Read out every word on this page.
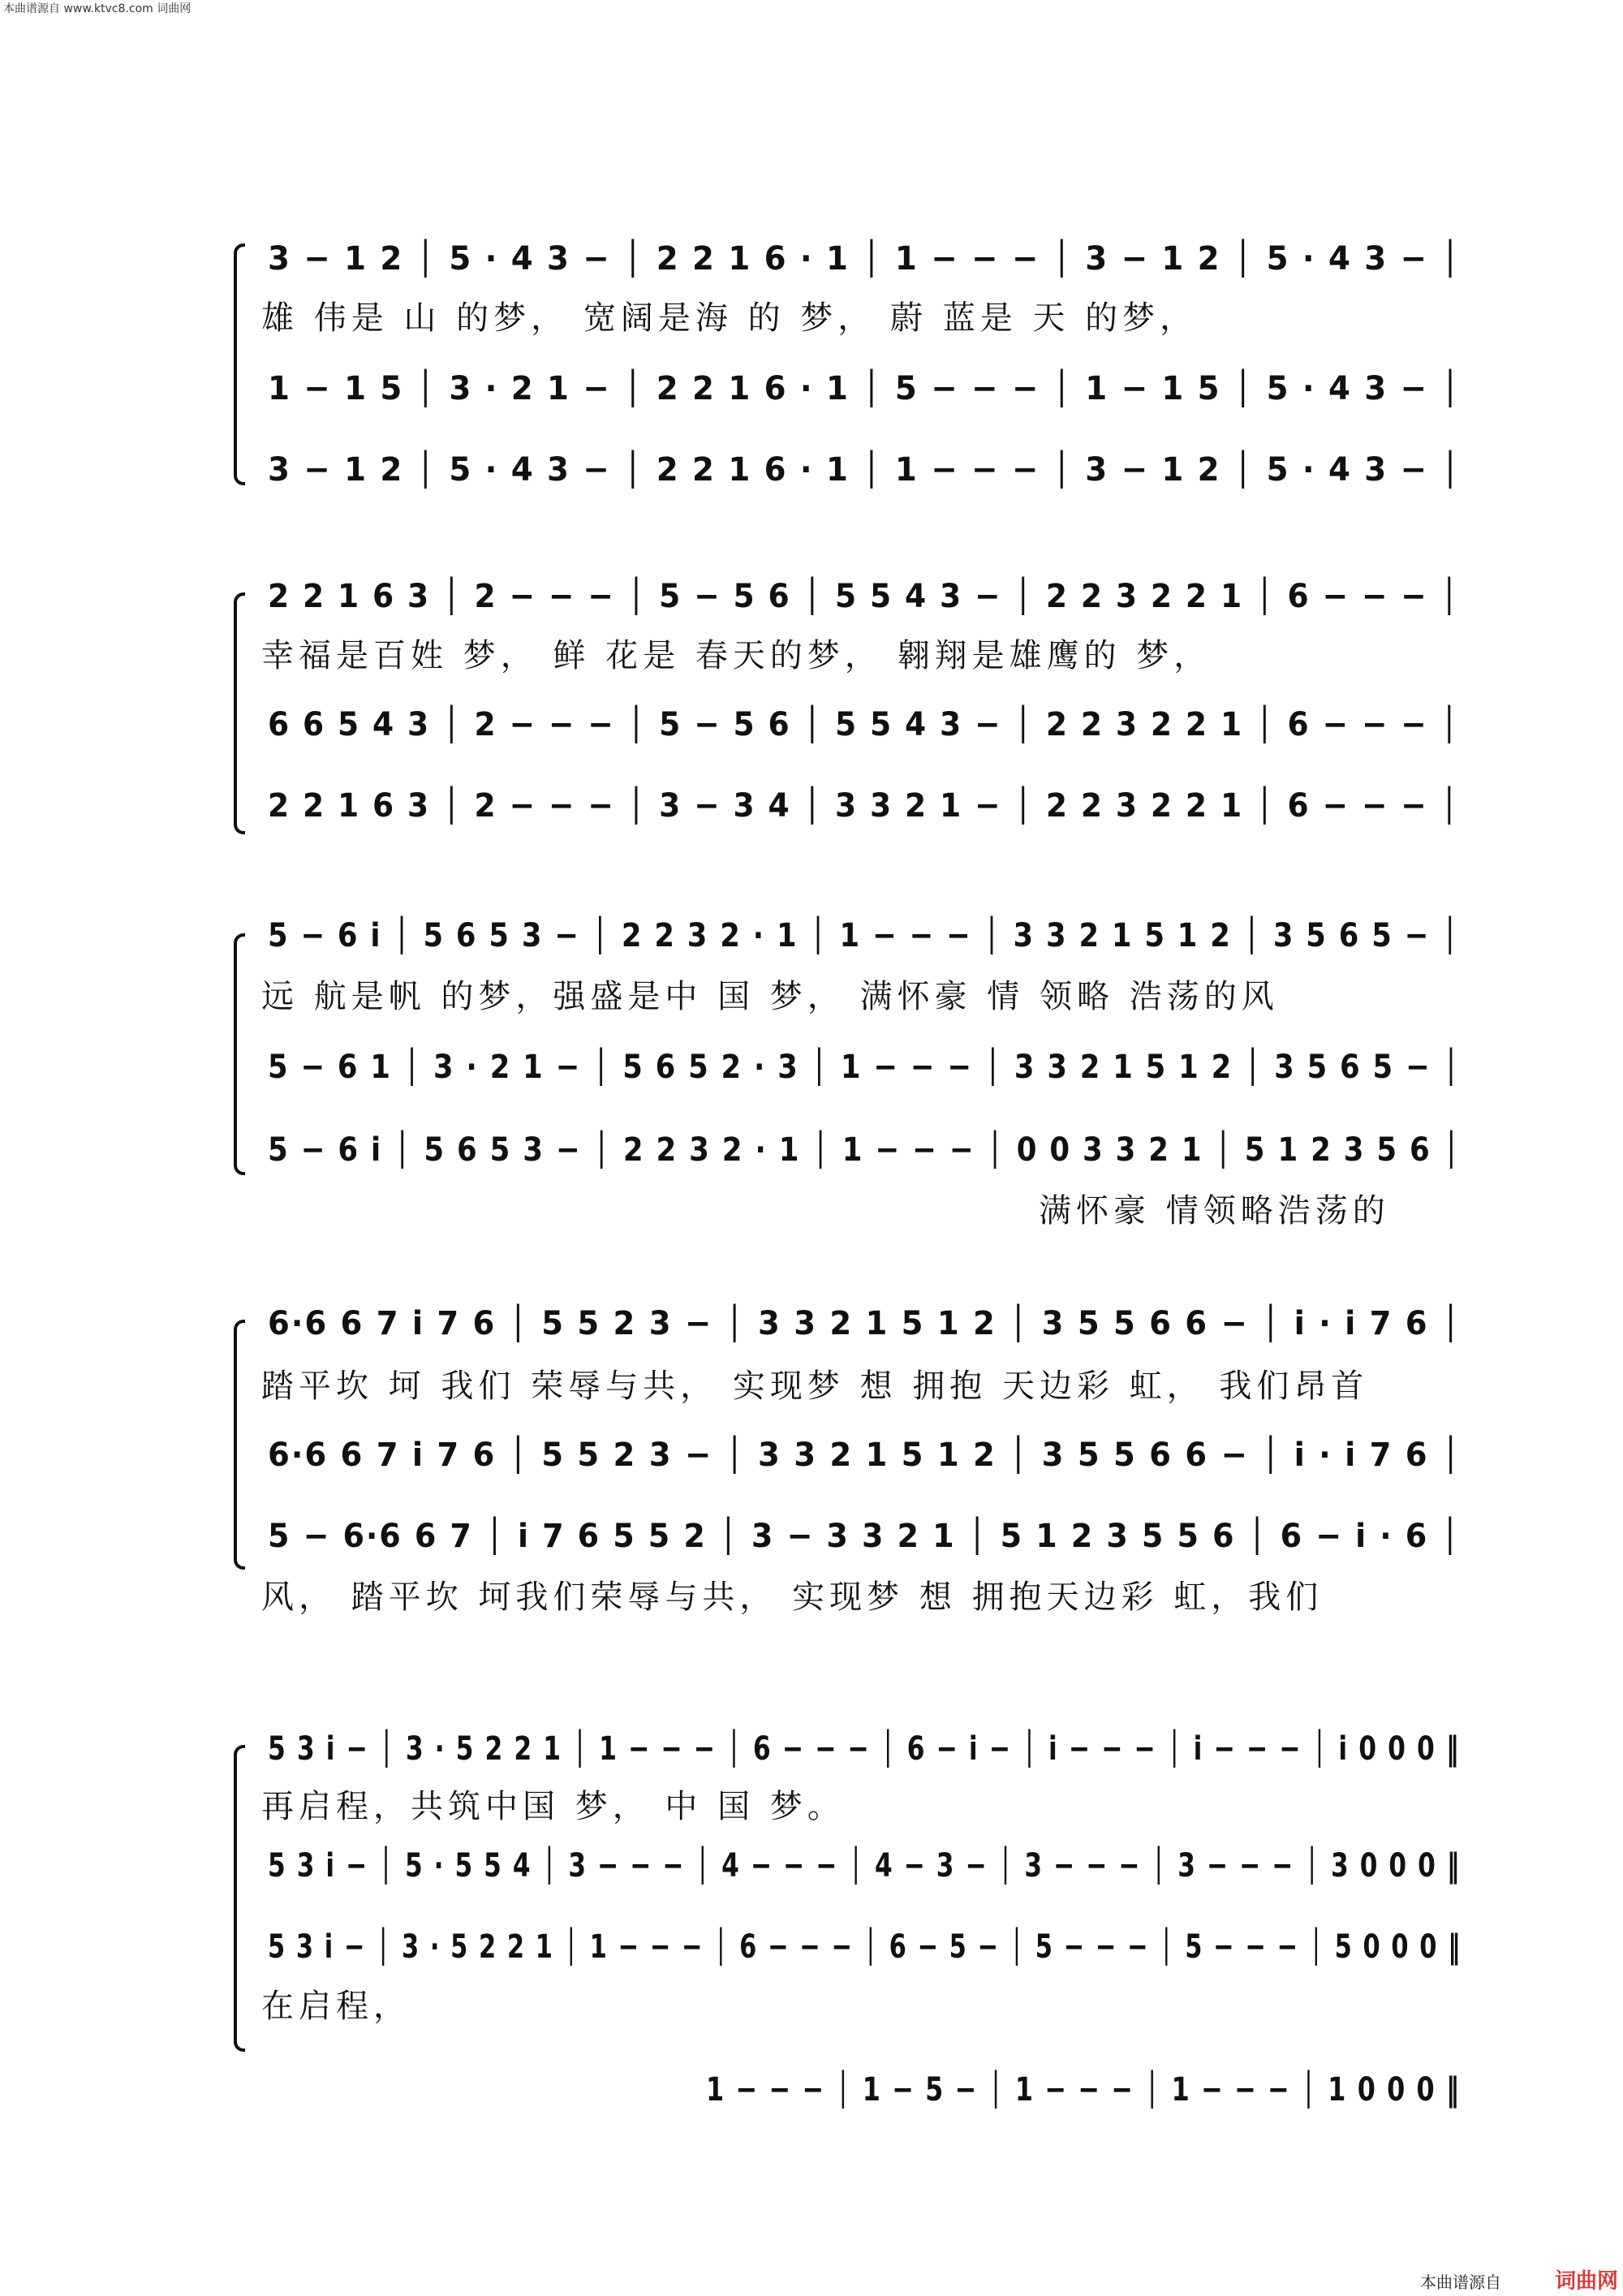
本曲谱源自 www.ktvc8.com 词曲网
3 − 1 2 │ 5 · 4 3 − │ 2 2 1 6 · 1 │ 1 − − − │ 3 − 1 2 │ 5 · 4 3 − │
雄 伟是 山 的梦， 宽阔是海 的 梦， 蔚 蓝是 天 的梦，
1 − 1 5 │ 3 · 2 1 − │ 2 2 1 6 · 1 │ 5 − − − │ 1 − 1 5 │ 5 · 4 3 − │
3 − 1 2 │ 5 · 4 3 − │ 2 2 1 6 · 1 │ 1 − − − │ 3 − 1 2 │ 5 · 4 3 − │
2 2 1 6 3 │ 2 − − − │ 5 − 5 6 │ 5 5 4 3 − │ 2 2 3 2 2 1 │ 6 − − − │
幸福是百姓 梦， 鲜 花是 春天的梦， 翱翔是雄鹰的 梦，
6 6 5 4 3 │ 2 − − − │ 5 − 5 6 │ 5 5 4 3 − │ 2 2 3 2 2 1 │ 6 − − − │
2 2 1 6 3 │ 2 − − − │ 3 − 3 4 │ 3 3 2 1 − │ 2 2 3 2 2 1 │ 6 − − − │
5 − 6 i │ 5 6 5 3 − │ 2 2 3 2 · 1 │ 1 − − − │ 3 3 2 1 5 1 2 │ 3 5 6 5 − │
远 航是帆 的梦，强盛是中 国 梦， 满怀豪 情 领略 浩荡的风
5 − 6 1 │ 3 · 2 1 − │ 5 6 5 2 · 3 │ 1 − − − │ 3 3 2 1 5 1 2 │ 3 5 6 5 − │
5 − 6 i │ 5 6 5 3 − │ 2 2 3 2 · 1 │ 1 − − − │ 0 0 3 3 2 1 │ 5 1 2 3 5 6 │
满怀豪 情领略浩荡的
6·6 6 7 i 7 6 │ 5 5 2 3 − │ 3 3 2 1 5 1 2 │ 3 5 5 6 6 − │ i · i 7 6 │
踏平坎 坷 我们 荣辱与共， 实现梦 想 拥抱 天边彩 虹， 我们昂首
6·6 6 7 i 7 6 │ 5 5 2 3 − │ 3 3 2 1 5 1 2 │ 3 5 5 6 6 − │ i · i 7 6 │
5 − 6·6 6 7 │ i 7 6 5 5 2 │ 3 − 3 3 2 1 │ 5 1 2 3 5 5 6 │ 6 − i · 6 │
风， 踏平坎 坷我们荣辱与共， 实现梦 想 拥抱天边彩 虹，我们
5 3 i − │ 3 · 5 2 2 1 │ 1 − − − │ 6 − − − │ 6 − i − │ i − − − │ i − − − │ i 0 0 0 ‖
再启程，共筑中国 梦， 中 国 梦。
5 3 i − │ 5 · 5 5 4 │ 3 − − − │ 4 − − − │ 4 − 3 − │ 3 − − − │ 3 − − − │ 3 0 0 0 ‖
5 3 i − │ 3 · 5 2 2 1 │ 1 − − − │ 6 − − − │ 6 − 5 − │ 5 − − − │ 5 − − − │ 5 0 0 0 ‖
在启程，
1 − − − │ 1 − 5 − │ 1 − − − │ 1 − − − │ 1 0 0 0 ‖
本曲谱源自	词曲网
